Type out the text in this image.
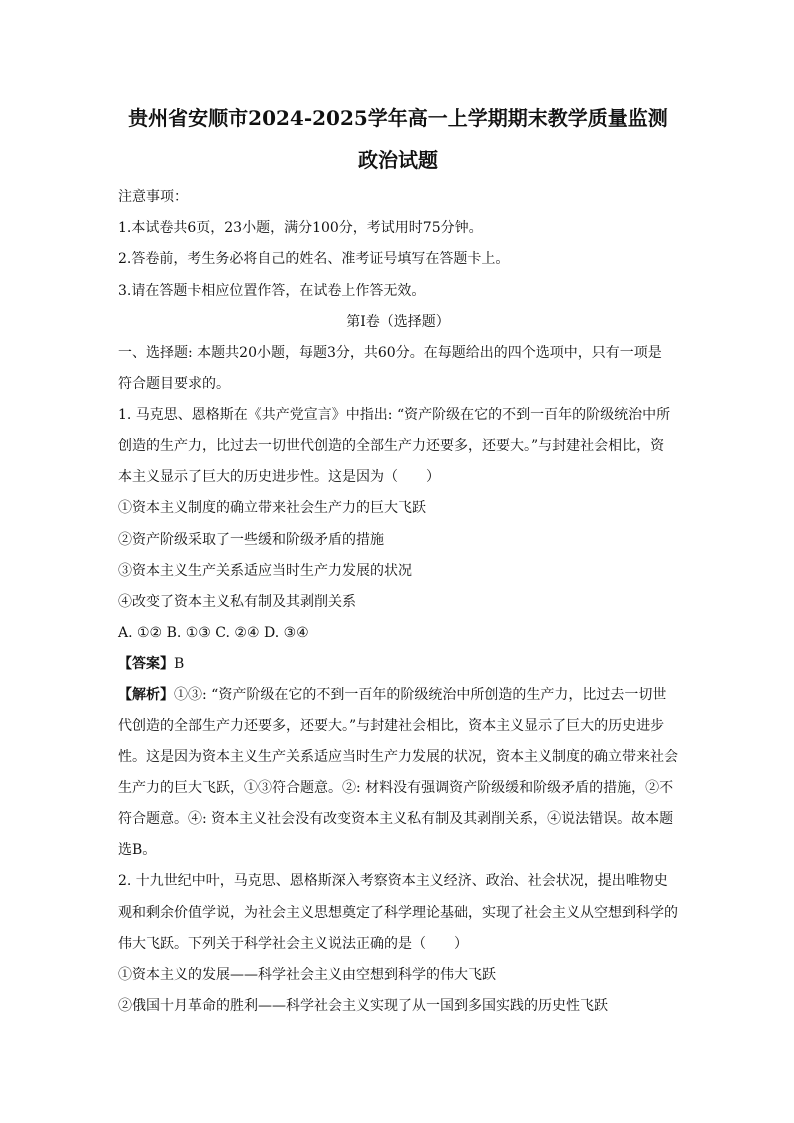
贵州省安顺市2024-2025学年高一上学期期末教学质量监测
政治试题
注意事项：
1.本试卷共6页，23小题，满分100分，考试用时75分钟。
2.答卷前，考生务必将自己的姓名、准考证号填写在答题卡上。
3.请在答题卡相应位置作答，在试卷上作答无效。
第Ⅰ卷（选择题）
一、选择题: 本题共20小题，每题3分，共60分。在每题给出的四个选项中，只有一项是
符合题目要求的。
1. 马克思、恩格斯在《共产党宣言》中指出: “资产阶级在它的不到一百年的阶级统治中所
创造的生产力，比过去一切世代创造的全部生产力还要多，还要大。”与封建社会相比，资
本主义显示了巨大的历史进步性。这是因为（　　）
①资本主义制度的确立带来社会生产力的巨大飞跃
②资产阶级采取了一些缓和阶级矛盾的措施
③资本主义生产关系适应当时生产力发展的状况
④改变了资本主义私有制及其剥削关系
A. ①② B. ①③ C. ②④ D. ③④
【答案】B
【解析】①③: “资产阶级在它的不到一百年的阶级统治中所创造的生产力，比过去一切世
代创造的全部生产力还要多，还要大。”与封建社会相比，资本主义显示了巨大的历史进步
性。这是因为资本主义生产关系适应当时生产力发展的状况，资本主义制度的确立带来社会
生产力的巨大飞跃，①③符合题意。②: 材料没有强调资产阶级缓和阶级矛盾的措施，②不
符合题意。④: 资本主义社会没有改变资本主义私有制及其剥削关系，④说法错误。故本题
选B。
2. 十九世纪中叶，马克思、恩格斯深入考察资本主义经济、政治、社会状况，提出唯物史
观和剩余价值学说，为社会主义思想奠定了科学理论基础，实现了社会主义从空想到科学的
伟大飞跃。下列关于科学社会主义说法正确的是（　　）
①资本主义的发展——科学社会主义由空想到科学的伟大飞跃
②俄国十月革命的胜利——科学社会主义实现了从一国到多国实践的历史性飞跃
